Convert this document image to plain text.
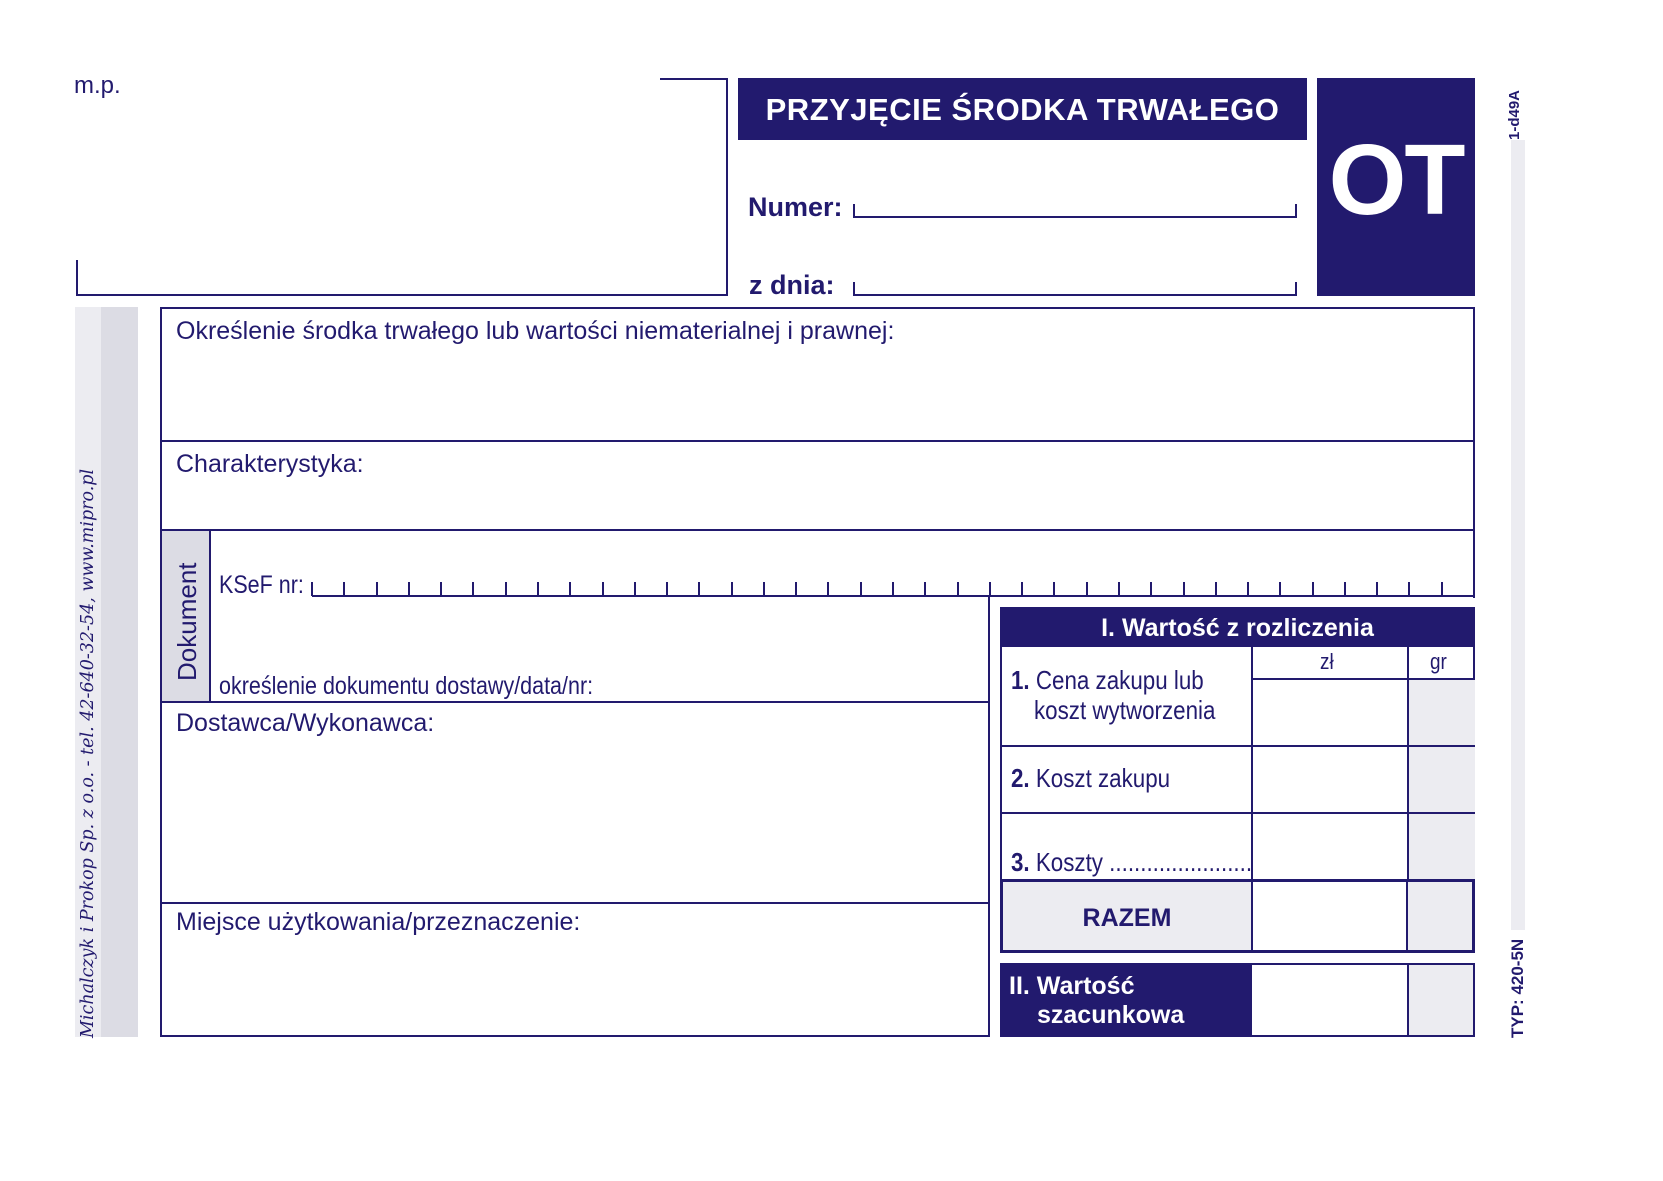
m.p.
PRZYJĘCIE ŚRODKA TRWAŁEGO
OT
Numer:
z dnia:
1-d49A
TYP: 420-5N
Michalczyk i Prokop Sp. z o.o. - tel. 42-640-32-54, www.mipro.pl
Określenie środka trwałego lub wartości niematerialnej i prawnej:
Charakterystyka:
Dokument KSeF nr:
określenie dokumentu dostawy/data/nr:
Dostawca/Wykonawca:
Miejsce użytkowania/przeznaczenie:
I. Wartość z rozliczenia
zł	gr
1. Cena zakupu lub
koszt wytworzenia
2. Koszt zakupu
3. Koszty .......................
RAZEM
II. Wartość
szacunkowa
